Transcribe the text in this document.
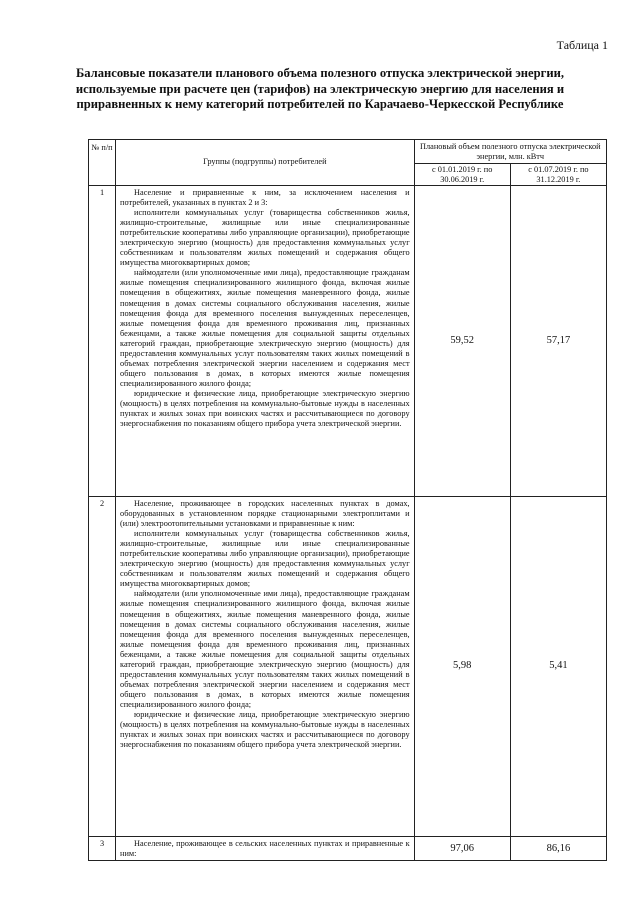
Таблица 1
Балансовые показатели планового объема полезного отпуска электрической энергии, используемые при расчете цен (тарифов) на электрическую энергию для населения и приравненных к нему категорий потребителей по Карачаево-Черкесской Республике
№ п/п	Группы (подгруппы) потребителей	Плановый объем полезного отпуска электрической энергии, млн. кВтч	
		с 01.01.2019 г. по 30.06.2019 г.	с 01.07.2019 г. по 31.12.2019 г.
1	Население и приравненные к ним, за исключением населения и потребителей, указанных в пунктах 2 и 3:

исполнители коммунальных услуг (товарищества собственников жилья, жилищно-строительные, жилищные или иные специализированные потребительские кооперативы либо управляющие организации), приобретающие электрическую энергию (мощность) для предоставления коммунальных услуг собственникам и пользователям жилых помещений и содержания общего имущества многоквартирных домов;

наймодатели (или уполномоченные ими лица), предоставляющие гражданам жилые помещения специализированного жилищного фонда, включая жилые помещения в общежитиях, жилые помещения маневренного фонда, жилые помещения в домах системы социального обслуживания населения, жилые помещения фонда для временного поселения вынужденных переселенцев, жилые помещения фонда для временного проживания лиц, признанных беженцами, а также жилые помещения для социальной защиты отдельных категорий граждан, приобретающие электрическую энергию (мощность) для предоставления коммунальных услуг пользователям таких жилых помещений в объемах потребления электрической энергии населением и содержания мест общего пользования в домах, в которых имеются жилые помещения специализированного жилого фонда;

юридические и физические лица, приобретающие электрическую энергию (мощность) в целях потребления на коммунально-бытовые нужды в населенных пунктах и жилых зонах при воинских частях и рассчитывающиеся по договору энергоснабжения по показаниям общего прибора учета электрической энергии.	59,52	57,17
2	Население, проживающее в городских населенных пунктах в домах, оборудованных в установленном порядке стационарными электроплитами и (или) электроотопительными установками и приравненные к ним:

исполнители коммунальных услуг (товарищества собственников жилья, жилищно-строительные, жилищные или иные специализированные потребительские кооперативы либо управляющие организации), приобретающие электрическую энергию (мощность) для предоставления коммунальных услуг собственникам и пользователям жилых помещений и содержания общего имущества многоквартирных домов;

наймодатели (или уполномоченные ими лица), предоставляющие гражданам жилые помещения специализированного жилищного фонда, включая жилые помещения в общежитиях, жилые помещения маневренного фонда, жилые помещения в домах системы социального обслуживания населения, жилые помещения фонда для временного поселения вынужденных переселенцев, жилые помещения фонда для временного проживания лиц, признанных беженцами, а также жилые помещения для социальной защиты отдельных категорий граждан, приобретающие электрическую энергию (мощность) для предоставления коммунальных услуг пользователям таких жилых помещений в объемах потребления электрической энергии населением и содержания мест общего пользования в домах, в которых имеются жилые помещения специализированного жилого фонда;

юридические и физические лица, приобретающие электрическую энергию (мощность) в целях потребления на коммунально-бытовые нужды в населенных пунктах и жилых зонах при воинских частях и рассчитывающиеся по договору энергоснабжения по показаниям общего прибора учета электрической энергии.	5,98	5,41
3	Население, проживающее в сельских населенных пунктах и приравненные к ним:	97,06	86,16
